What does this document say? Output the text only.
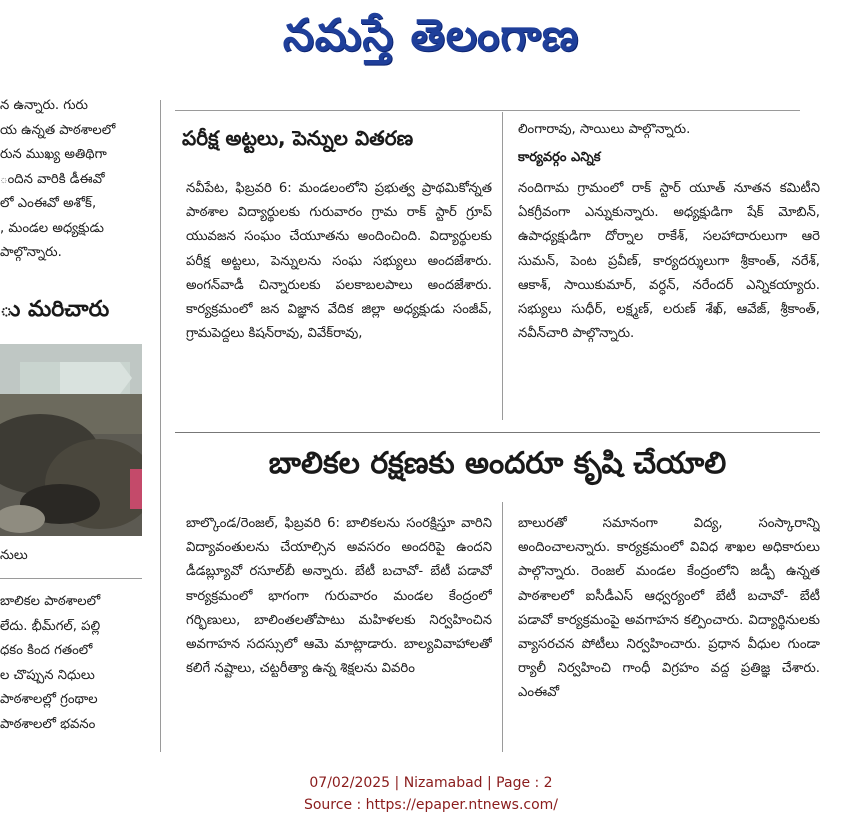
నమస్తే తెలంగాణ

న ఉన్నారు. గురు

య ఉన్నత పాఠశాలలో

రున ముఖ్య అతిథిగా

ందిన వారికి డీఈవో

లో ఎంఈవో అశోక్,

, మండల అధ్యక్షుడు

పాల్గొన్నారు.

ు మరిచారు

నులు

బాలికల పాఠశాలలో

లేదు. భీమ్‌గల్, పల్లి

ధకం కింద గతంలో

ల చొప్పున నిధులు

పాఠశాలల్లో గ్రంథాల

పాఠశాలలో భవనం

పరీక్ష అట్టలు, పెన్నుల వితరణ

నవీపేట, ఫిబ్రవరి 6: మండలంలోని ప్రభుత్వ ప్రాథమికోన్నత పాఠశాల విద్యార్థులకు గురువారం గ్రామ రాక్ స్టార్ గ్రూప్ యువజన సంఘం చేయూతను అందించింది. విద్యార్థులకు పరీక్ష అట్టలు, పెన్నులను సంఘ సభ్యులు అందజేశారు. అంగన్‌వాడీ చిన్నారులకు పలకాబలపాలు అందజేశారు. కార్యక్రమంలో జన విజ్ఞాన వేదిక జిల్లా అధ్యక్షుడు సంజీవ్, గ్రామపెద్దలు కిషన్‌రావు, వివేక్‌రావు,

లింగారావు, సాయిలు పాల్గొన్నారు.

కార్యవర్గం ఎన్నిక

నందిగామ గ్రామంలో రాక్ స్టార్ యూత్ నూతన కమిటీని ఏకగ్రీవంగా ఎన్నుకున్నారు. అధ్యక్షుడిగా షేక్ మోబిన్, ఉపాధ్యక్షుడిగా దోర్నాల రాకేశ్, సలహాదారులుగా ఆరె సుమన్, పెంట ప్రవీణ్, కార్యదర్శులుగా శ్రీకాంత్, నరేశ్, ఆకాశ్, సాయికుమార్, వర్ధన్, నరేందర్ ఎన్నికయ్యారు. సభ్యులు సుధీర్, లక్ష్మణ్, లరుణ్ శేఖ్, ఆవేజ్, శ్రీకాంత్, నవీన్‌చారి పాల్గొన్నారు.

బాలికల రక్షణకు అందరూ కృషి చేయాలి

బాల్కొండ/రెంజల్, ఫిబ్రవరి 6: బాలికలను సంరక్షిస్తూ వారిని విద్యావంతులను చేయాల్సిన అవసరం అందరిపై ఉందని డీడబ్ల్యూవో రసూల్‌బీ అన్నారు. బేటీ బచావో- బేటీ పడావో కార్యక్రమంలో భాగంగా గురువారం మండల కేంద్రంలో గర్భిణులు, బాలింతలతోపాటు మహిళలకు నిర్వహించిన అవగాహన సదస్సులో ఆమె మాట్లాడారు. బాల్యవివాహాలతో కలిగే నష్టాలు, చట్టరీత్యా ఉన్న శిక్షలను వివరిం

బాలురతో సమానంగా విద్య, సంస్కారాన్ని అందించాలన్నారు. కార్యక్రమంలో వివిధ శాఖల అధికారులు పాల్గొన్నారు. రెంజల్ మండల కేంద్రంలోని జడ్పీ ఉన్నత పాఠశాలలో ఐసీడీఎస్ ఆధ్వర్యంలో బేటీ బచావో- బేటీ పడావో కార్యక్రమంపై అవగాహన కల్పించారు. విద్యార్థినులకు వ్యాసరచన పోటీలు నిర్వహించారు. ప్రధాన వీధుల గుండా ర్యాలీ నిర్వహించి గాంధీ విగ్రహం వద్ద ప్రతిజ్ఞ చేశారు. ఎంఈవో

07/02/2025 | Nizamabad | Page : 2
Source : https://epaper.ntnews.com/
